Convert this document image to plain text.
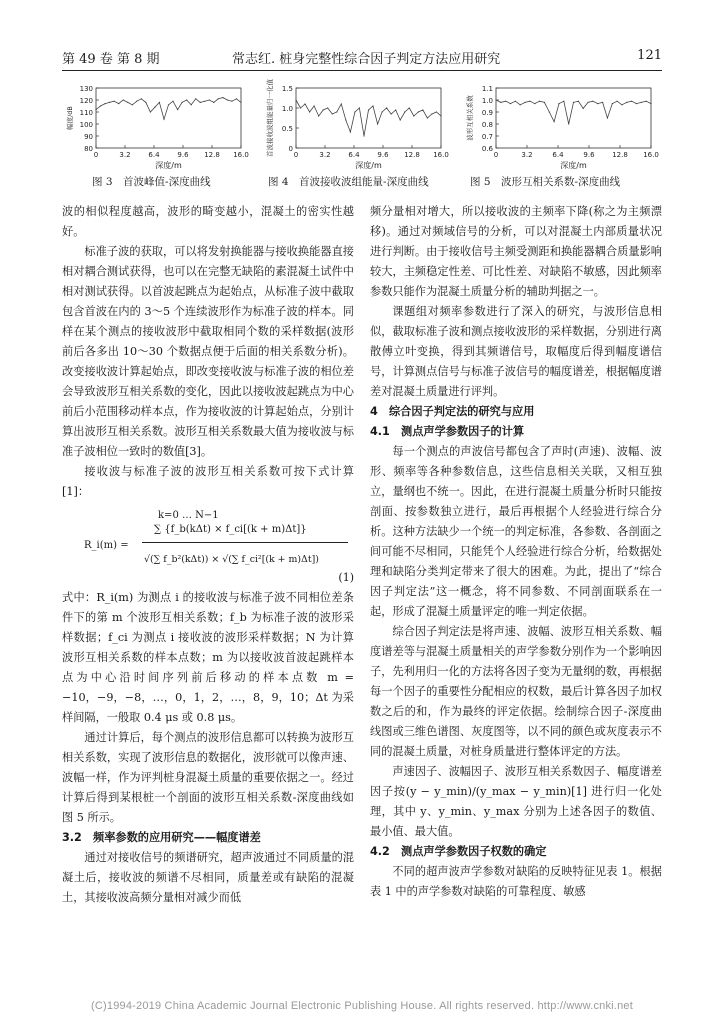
第 49 卷 第 8 期	常志红. 桩身完整性综合因子判定方法应用研究	121
130
120
110
100
90
80
0	3.2	6.4	9.6 12.8 16.0
深度/m
幅度/dB
1.5
1.0
0.5
0
0	3.2	6.4	9.6 12.8 16.0
深度/m
首波接收波组能量归一化值	1.1
1.0
0.9
0.8
0.7
0.6
0	3.2	6.4	9.6	12.8 16.0
深度/m
波形互相关系数
图 3　首波峰值-深度曲线	图 4　首波接收波组能量-深度曲线	图 5　波形互相关系数-深度曲线

波的相似程度越高，波形的畸变越小，混凝土的密实性越好。

标准子波的获取，可以将发射换能器与接收换能器直接相对耦合测试获得，也可以在完整无缺陷的素混凝土试件中相对测试获得。以首波起跳点为起始点，从标准子波中截取包含首波在内的 3～5 个连续波形作为标准子波的样本。同样在某个测点的接收波形中截取相同个数的采样数据(波形前后各多出 10～30 个数据点便于后面的相关系数分析)。改变接收波计算起始点，即改变接收波与标准子波的相位差会导致波形互相关系数的变化，因此以接收波起跳点为中心前后小范围移动样本点，作为接收波的计算起始点，分别计算出波形互相关系数。波形互相关系数最大值为接收波与标准子波相位一致时的数值[3]。

接收波与标准子波的波形互相关系数可按下式计算[1]：

R_i(m) =
k=0 … N−1
∑ {f_b(kΔt) × f_ci[(k + m)Δt]}
√(∑ f_b²(kΔt)) × √(∑ f_ci²[(k + m)Δt])
(1)

式中：R_i(m) 为测点 i 的接收波与标准子波不同相位差条件下的第 m 个波形互相关系数；f_b 为标准子波的波形采样数据；f_ci 为测点 i 接收波的波形采样数据；N 为计算波形互相关系数的样本点数；m 为以接收波首波起跳样本点为中心沿时间序列前后移动的样本点数 m = −10，−9，−8，…，0，1，2，…，8，9，10；Δt 为采样间隔，一般取 0.4 μs 或 0.8 μs。

通过计算后，每个测点的波形信息都可以转换为波形互相关系数，实现了波形信息的数据化，波形就可以像声速、波幅一样，作为评判桩身混凝土质量的重要依据之一。经过计算后得到某根桩一个剖面的波形互相关系数-深度曲线如图 5 所示。

3.2　频率参数的应用研究——幅度谱差

通过对接收信号的频谱研究，超声波通过不同质量的混凝土后，接收波的频谱不尽相同，质量差或有缺陷的混凝土，其接收波高频分量相对减少而低

频分量相对增大，所以接收波的主频率下降(称之为主频漂移)。通过对频域信号的分析，可以对混凝土内部质量状况进行判断。由于接收信号主频受测距和换能器耦合质量影响较大，主频稳定性差、可比性差、对缺陷不敏感，因此频率参数只能作为混凝土质量分析的辅助判据之一。

课题组对频率参数进行了深入的研究，与波形信息相似，截取标准子波和测点接收波形的采样数据，分别进行离散傅立叶变换，得到其频谱信号，取幅度后得到幅度谱信号，计算测点信号与标准子波信号的幅度谱差，根据幅度谱差对混凝土质量进行评判。

4　综合因子判定法的研究与应用

4.1　测点声学参数因子的计算

每一个测点的声波信号都包含了声时(声速)、波幅、波形、频率等各种参数信息，这些信息相关关联，又相互独立，量纲也不统一。因此，在进行混凝土质量分析时只能按剖面、按参数独立进行，最后再根据个人经验进行综合分析。这种方法缺少一个统一的判定标准，各参数、各剖面之间可能不尽相同，只能凭个人经验进行综合分析，给数据处理和缺陷分类判定带来了很大的困难。为此，提出了“综合因子判定法”这一概念，将不同参数、不同剖面联系在一起，形成了混凝土质量评定的唯一判定依据。

综合因子判定法是将声速、波幅、波形互相关系数、幅度谱差等与混凝土质量相关的声学参数分别作为一个影响因子，先利用归一化的方法将各因子变为无量纲的数，再根据每一个因子的重要性分配相应的权数，最后计算各因子加权数之后的和，作为最终的评定依据。绘制综合因子-深度曲线图或三维色谱图、灰度图等，以不同的颜色或灰度表示不同的混凝土质量，对桩身质量进行整体评定的方法。

声速因子、波幅因子、波形互相关系数因子、幅度谱差因子按(y − y_min)/(y_max − y_min)[1] 进行归一化处理，其中 y、y_min、y_max 分别为上述各因子的数值、最小值、最大值。

4.2　测点声学参数因子权数的确定

不同的超声波声学参数对缺陷的反映特征见表 1。根据表 1 中的声学参数对缺陷的可靠程度、敏感

(C)1994-2019 China Academic Journal Electronic Publishing House. All rights reserved. http://www.cnki.net
